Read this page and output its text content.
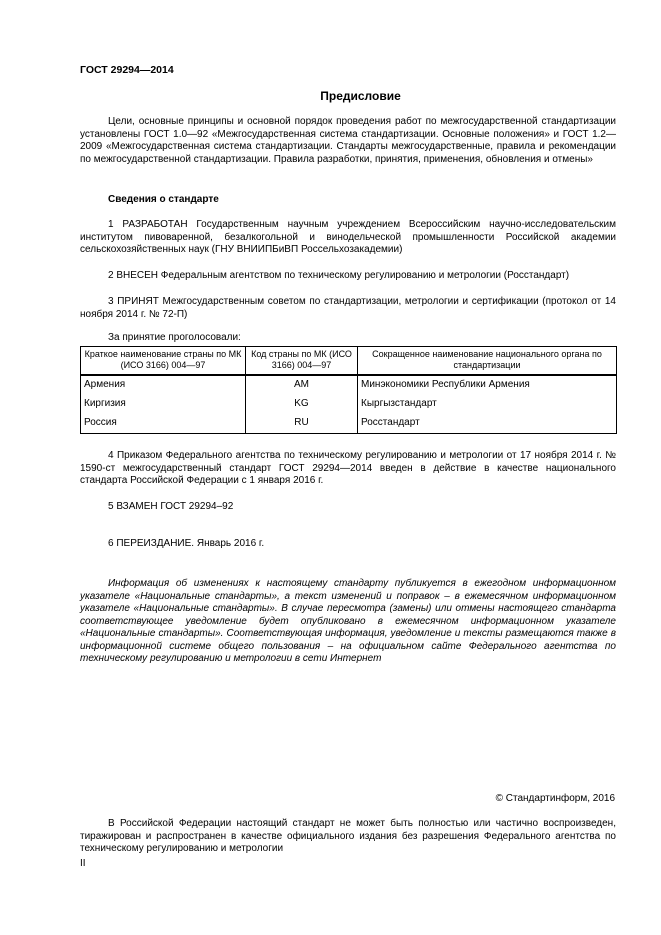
ГОСТ 29294—2014
Предисловие
Цели, основные принципы и основной порядок проведения работ по межгосударственной стандартизации установлены ГОСТ 1.0—92 «Межгосударственная система стандартизации. Основные положения» и ГОСТ 1.2—2009 «Межгосударственная система стандартизации. Стандарты межгосударственные, правила и рекомендации по межгосударственной стандартизации. Правила разработки, принятия, применения, обновления и отмены»
Сведения о стандарте
1 РАЗРАБОТАН Государственным научным учреждением Всероссийским научно-исследовательским институтом пивоваренной, безалкогольной и винодельческой промышленности Российской академии сельскохозяйственных наук (ГНУ ВНИИПБиВП Россельхозакадемии)
2 ВНЕСЕН Федеральным агентством по техническому регулированию и метрологии (Росстандарт)
3 ПРИНЯТ Межгосударственным советом по стандартизации, метрологии и сертификации (протокол от 14 ноября 2014 г. № 72-П)
За принятие проголосовали:
Краткое наименование страны по МК (ИСО 3166) 004—97	Код страны по МК (ИСО 3166) 004—97	Сокращенное наименование национального органа по стандартизации
Армения	AM	Минэкономики Республики Армения
Киргизия	KG	Кыргызстандарт
Россия	RU	Росстандарт
4 Приказом Федерального агентства по техническому регулированию и метрологии от 17 ноября 2014 г. № 1590-ст межгосударственный стандарт ГОСТ 29294—2014 введен в действие в качестве национального стандарта Российской Федерации с 1 января 2016 г.
5 ВЗАМЕН ГОСТ 29294–92
6 ПЕРЕИЗДАНИЕ. Январь 2016 г.
Информация об изменениях к настоящему стандарту публикуется в ежегодном информационном указателе «Национальные стандарты», а текст изменений и поправок – в ежемесячном информационном указателе «Национальные стандарты». В случае пересмотра (замены) или отмены настоящего стандарта соответствующее уведомление будет опубликовано в ежемесячном информационном указателе «Национальные стандарты». Соответствующая информация, уведомление и тексты размещаются также в информационной системе общего пользования – на официальном сайте Федерального агентства по техническому регулированию и метрологии в сети Интернет
© Стандартинформ, 2016
В Российской Федерации настоящий стандарт не может быть полностью или частично воспроизведен, тиражирован и распространен в качестве официального издания без разрешения Федерального агентства по техническому регулированию и метрологии
II
